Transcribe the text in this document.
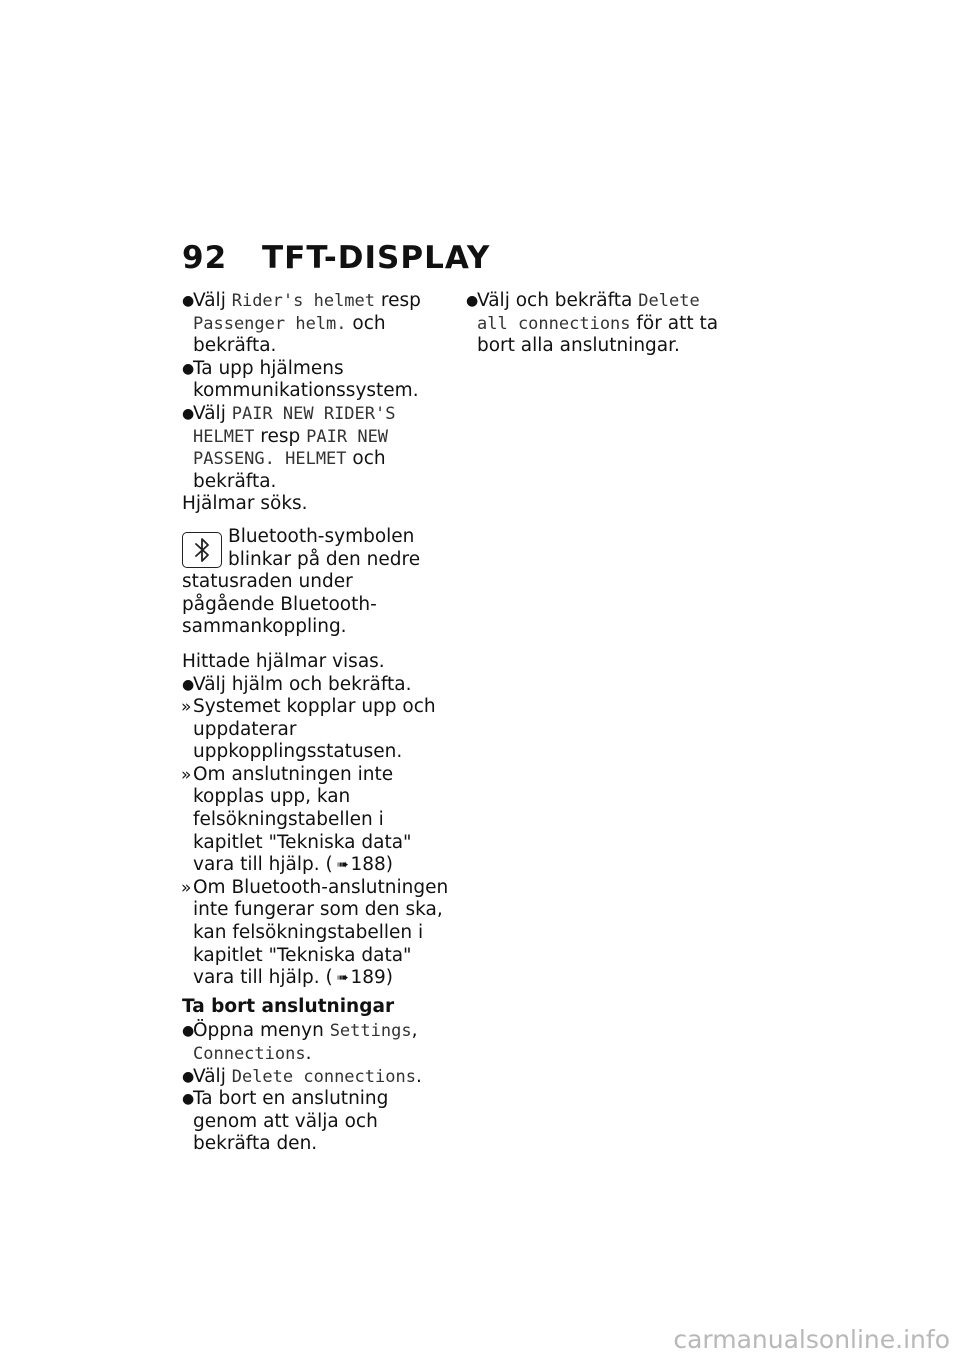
92 TFT-DISPLAY

●
Välj Rider's helmet resp Passenger helm. och bekräfta.

●
Ta upp hjälmens kommunikationssystem.

●
Välj PAIR NEW RIDER'S HELMET resp PAIR NEW PASSENG. HELMET och bekräfta.

Hjälmar söks.

Bluetooth-symbolen blinkar på den nedre statusraden under pågående Bluetooth-sammankoppling.

Hittade hjälmar visas.

●
Välj hjälm och bekräfta.

» Systemet kopplar upp och uppdaterar uppkopplingsstatusen.

» Om anslutningen inte kopplas upp, kan felsökningstabellen i kapitlet "Tekniska data" vara till hjälp. ( ➠ 188)

» Om Bluetooth-anslutningen inte fungerar som den ska, kan felsökningstabellen i kapitlet "Tekniska data" vara till hjälp. ( ➠ 189)

Ta bort anslutningar

●
Öppna menyn Settings, Connections.

●
Välj Delete connections.

●
Ta bort en anslutning genom att välja och bekräfta den.

●
Välj och bekräfta Delete all connections för att ta bort alla anslutningar.

carmanualsonline.info
